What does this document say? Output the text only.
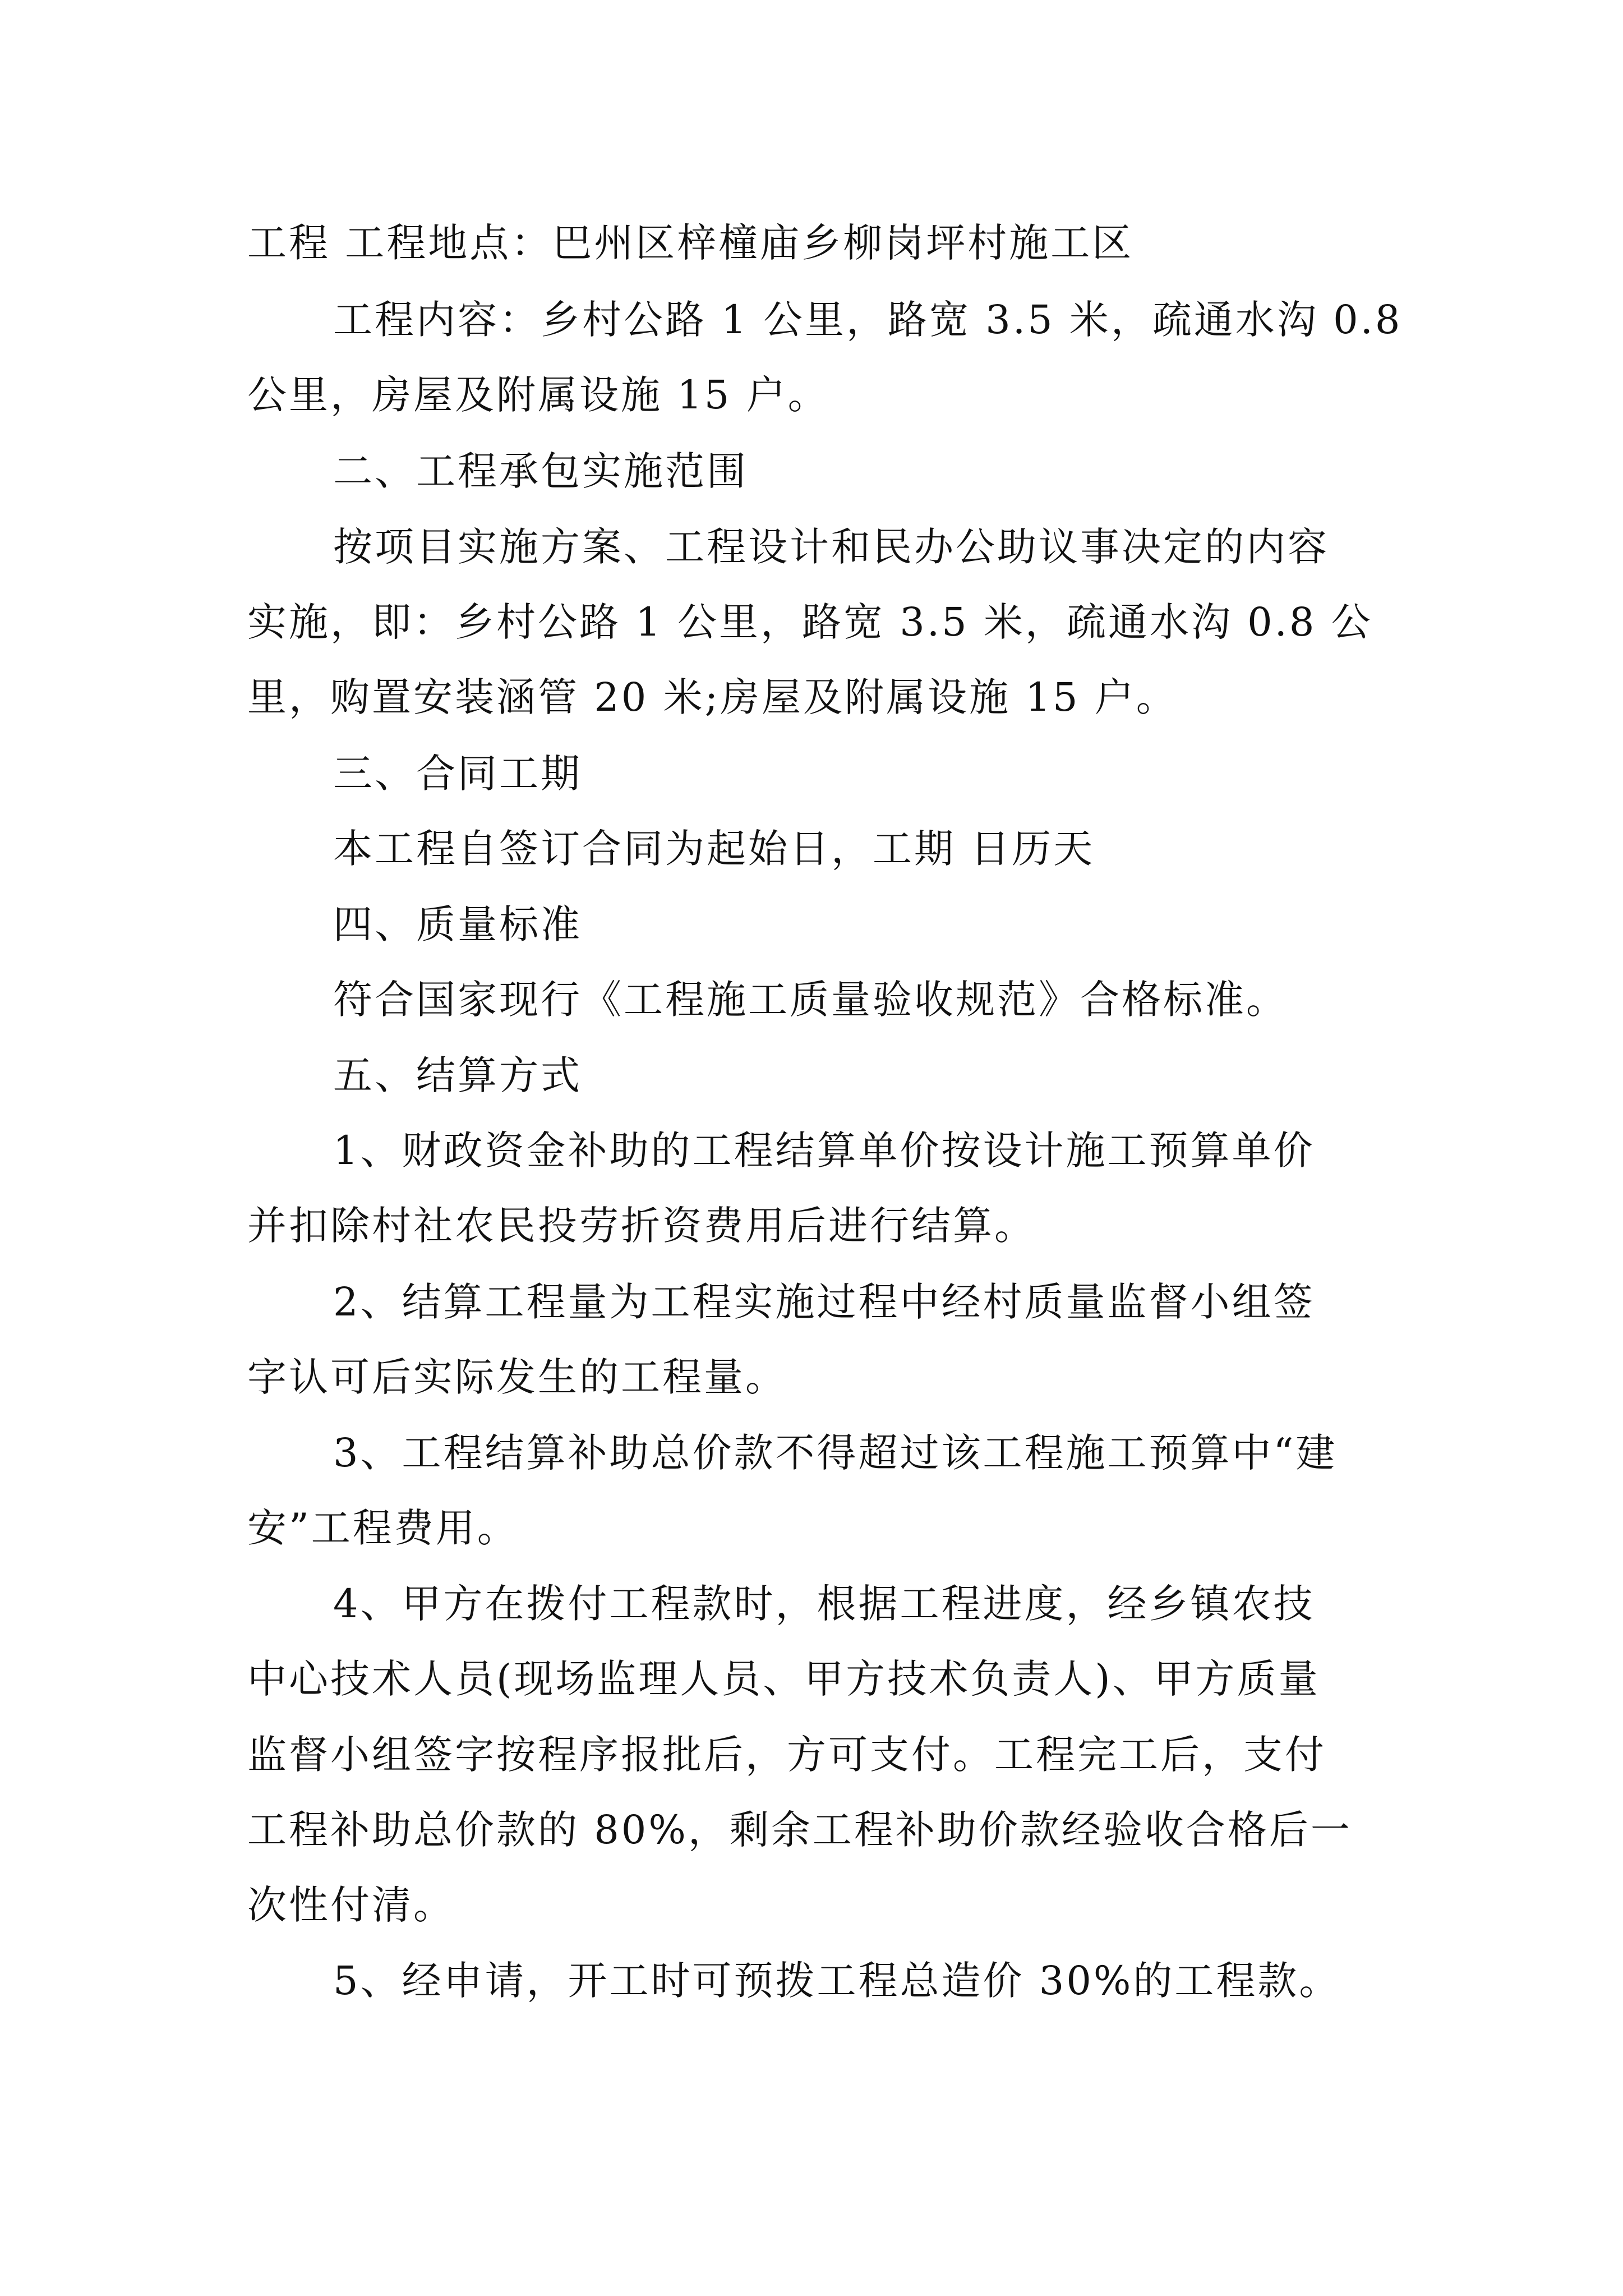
工程 工程地点：巴州区梓橦庙乡柳岗坪村施工区
工程内容：乡村公路 1 公里，路宽 3.5 米，疏通水沟 0.8
公里，房屋及附属设施 15 户。
二、工程承包实施范围
按项目实施方案、工程设计和民办公助议事决定的内容
实施，即：乡村公路 1 公里，路宽 3.5 米，疏通水沟 0.8 公
里，购置安装涵管 20 米;房屋及附属设施 15 户。
三、合同工期
本工程自签订合同为起始日，工期 日历天
四、质量标准
符合国家现行《工程施工质量验收规范》合格标准。
五、结算方式
1、财政资金补助的工程结算单价按设计施工预算单价
并扣除村社农民投劳折资费用后进行结算。
2、结算工程量为工程实施过程中经村质量监督小组签
字认可后实际发生的工程量。
3、工程结算补助总价款不得超过该工程施工预算中“建
安”工程费用。
4、甲方在拨付工程款时，根据工程进度，经乡镇农技
中心技术人员(现场监理人员、甲方技术负责人)、甲方质量
监督小组签字按程序报批后，方可支付。工程完工后，支付
工程补助总价款的 80%，剩余工程补助价款经验收合格后一
次性付清。
5、经申请，开工时可预拨工程总造价 30%的工程款。
